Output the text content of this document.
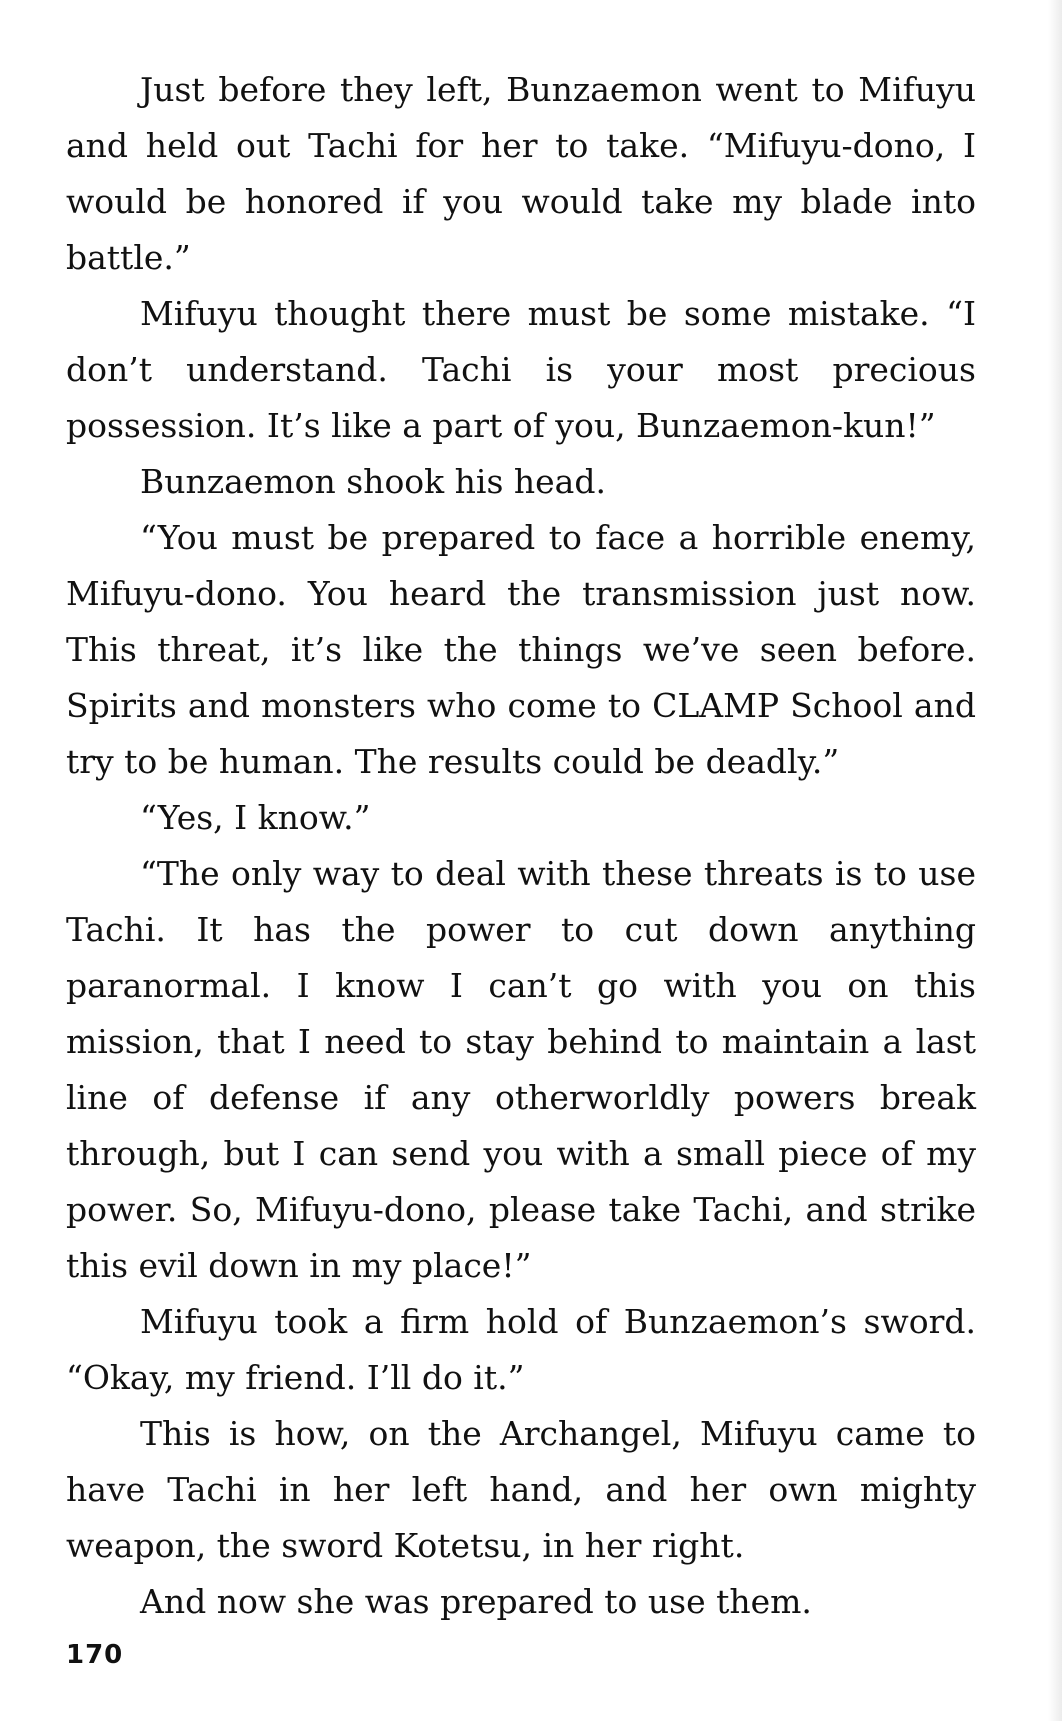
Just before they left, Bunzaemon went to Mifuyu and held out Tachi for her to take. “Mifuyu-dono, I would be honored if you would take my blade into battle.”

Mifuyu thought there must be some mistake. “I don’t understand. Tachi is your most precious possession. It’s like a part of you, Bunzaemon-kun!”

Bunzaemon shook his head.

“You must be prepared to face a horrible enemy, Mifuyu-dono. You heard the transmission just now. This threat, it’s like the things we’ve seen before. Spirits and monsters who come to CLAMP School and try to be human. The results could be deadly.”

“Yes, I know.”

“The only way to deal with these threats is to use Tachi. It has the power to cut down anything paranormal. I know I can’t go with you on this mission, that I need to stay behind to maintain a last line of defense if any otherworldly powers break through, but I can send you with a small piece of my power. So, Mifuyu-dono, please take Tachi, and strike this evil down in my place!”

Mifuyu took a firm hold of Bunzaemon’s sword. “Okay, my friend. I’ll do it.”

This is how, on the Archangel, Mifuyu came to have Tachi in her left hand, and her own mighty weapon, the sword Kotetsu, in her right.

And now she was prepared to use them.

170
